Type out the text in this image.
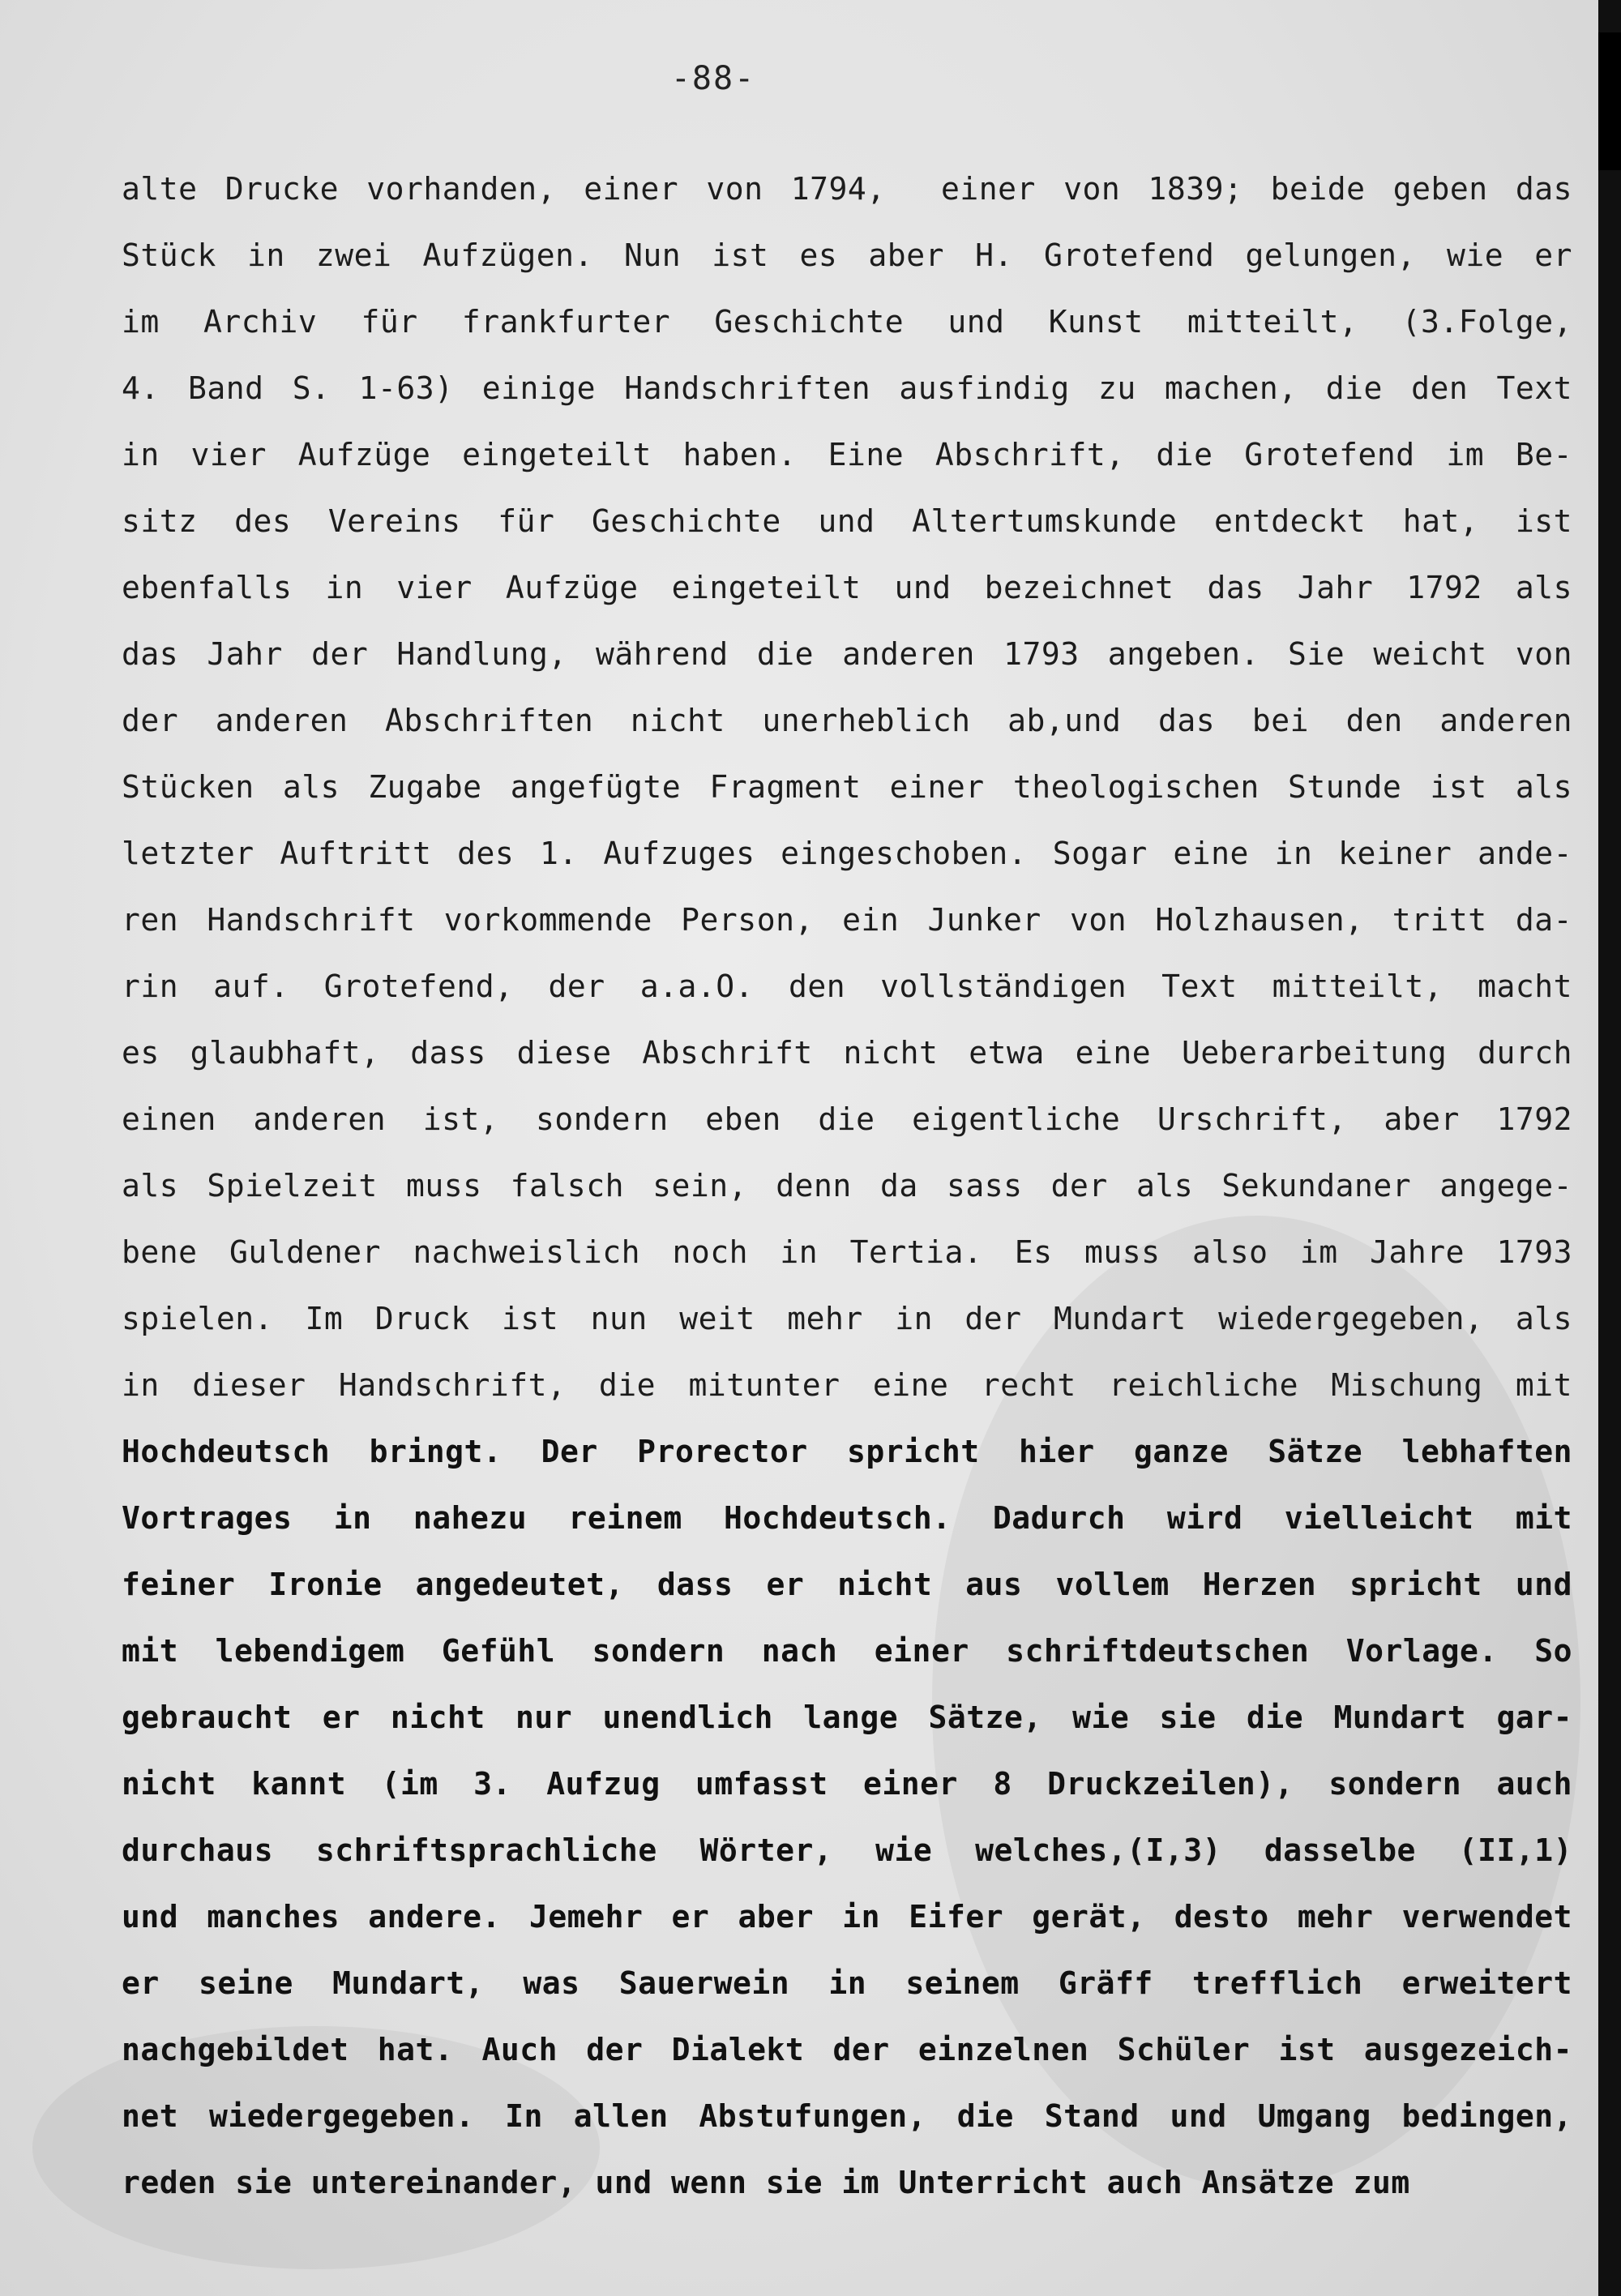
-88-
alte Drucke vorhanden, einer von 1794,  einer von 1839; beide geben das
Stück in zwei Aufzügen. Nun ist es aber H. Grotefend gelungen, wie er
im Archiv für frankfurter Geschichte und Kunst mitteilt, (3.Folge,
4. Band S. 1-63) einige Handschriften ausfindig zu machen, die den Text
in vier Aufzüge eingeteilt haben. Eine Abschrift, die Grotefend im Be-
sitz des Vereins für Geschichte und Altertumskunde entdeckt hat, ist
ebenfalls in vier Aufzüge eingeteilt und bezeichnet das Jahr 1792 als
das Jahr der Handlung, während die anderen 1793 angeben. Sie weicht von
der anderen Abschriften nicht unerheblich ab,und das bei den anderen
Stücken als Zugabe angefügte Fragment einer theologischen Stunde ist als
letzter Auftritt des 1. Aufzuges eingeschoben. Sogar eine in keiner ande-
ren Handschrift vorkommende Person, ein Junker von Holzhausen, tritt da-
rin auf. Grotefend, der a.a.O. den vollständigen Text mitteilt, macht
es glaubhaft, dass diese Abschrift nicht etwa eine Ueberarbeitung durch
einen anderen ist, sondern eben die eigentliche Urschrift, aber 1792
als Spielzeit muss falsch sein, denn da sass der als Sekundaner angege-
bene Guldener nachweislich noch in Tertia. Es muss also im Jahre 1793
spielen. Im Druck ist nun weit mehr in der Mundart wiedergegeben, als
in dieser Handschrift, die mitunter eine recht reichliche Mischung mit
Hochdeutsch bringt. Der Prorector spricht hier ganze Sätze lebhaften
Vortrages in nahezu reinem Hochdeutsch. Dadurch wird vielleicht mit
feiner Ironie angedeutet, dass er nicht aus vollem Herzen spricht und
mit lebendigem Gefühl sondern nach einer schriftdeutschen Vorlage. So
gebraucht er nicht nur unendlich lange Sätze, wie sie die Mundart gar-
nicht kannt (im 3. Aufzug umfasst einer 8 Druckzeilen), sondern auch
durchaus schriftsprachliche Wörter, wie welches,(I,3) dasselbe (II,1)
und manches andere. Jemehr er aber in Eifer gerät, desto mehr verwendet
er seine Mundart, was Sauerwein in seinem Gräff trefflich erweitert
nachgebildet hat. Auch der Dialekt der einzelnen Schüler ist ausgezeich-
net wiedergegeben. In allen Abstufungen, die Stand und Umgang bedingen,
reden sie untereinander, und wenn sie im Unterricht auch Ansätze zum
